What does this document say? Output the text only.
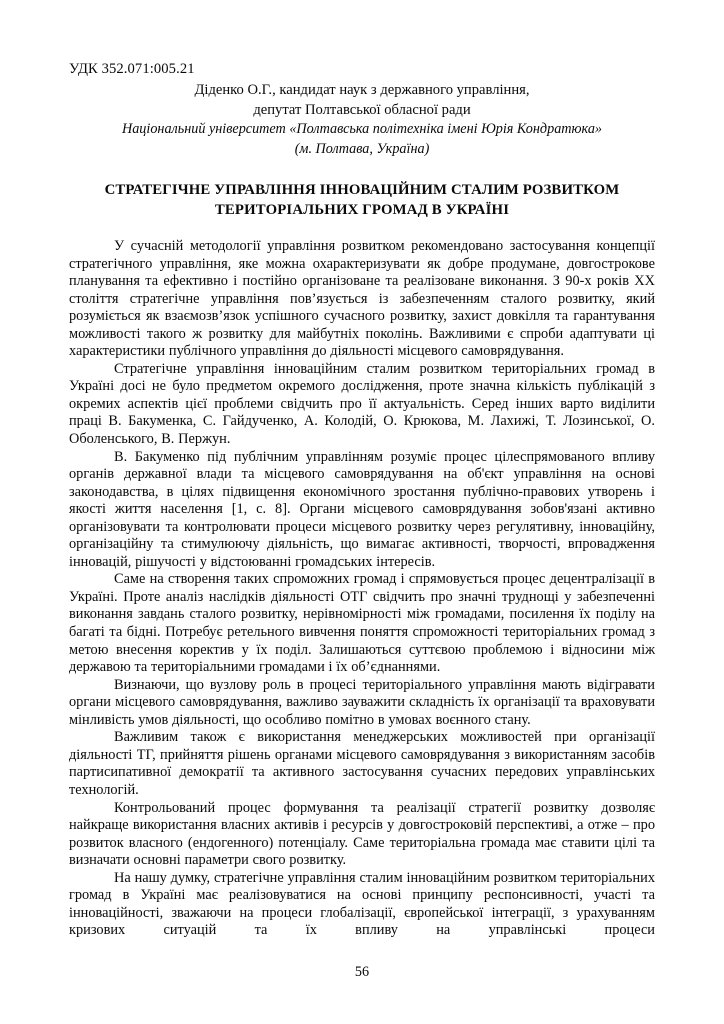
УДК 352.071:005.21
Діденко О.Г., кандидат наук з державного управління,
депутат Полтавської обласної ради
Національний університет «Полтавська політехніка імені Юрія Кондратюка»
(м. Полтава, Україна)
СТРАТЕГІЧНЕ УПРАВЛІННЯ ІННОВАЦІЙНИМ СТАЛИМ РОЗВИТКОМ
ТЕРИТОРІАЛЬНИХ ГРОМАД В УКРАЇНІ

У сучасній методології управління розвитком рекомендовано застосування концепції стратегічного управління, яке можна охарактеризувати як добре продумане, довгострокове планування та ефективно і постійно організоване та реалізоване виконання. З 90-х років ХХ століття стратегічне управління пов’язується із забезпеченням сталого розвитку, який розуміється як взаємозв’язок успішного сучасного розвитку, захист довкілля та гарантування можливості такого ж розвитку для майбутніх поколінь. Важливими є спроби адаптувати ці характеристики публічного управління до діяльності місцевого самоврядування.

Стратегічне управління інноваційним сталим розвитком територіальних громад в Україні досі не було предметом окремого дослідження, проте значна кількість публікацій з окремих аспектів цієї проблеми свідчить про її актуальність. Серед інших варто виділити праці В. Бакуменка, С. Гайдученко, А. Колодій, О. Крюкова, М. Лахижі, Т. Лозинської, О. Оболенського, В. Пержун.

В. Бакуменко під публічним управлінням розуміє процес цілеспрямованого впливу органів державної влади та місцевого самоврядування на об'єкт управління на основі законодавства, в цілях підвищення економічного зростання публічно-правових утворень і якості життя населення [1, с. 8]. Органи місцевого самоврядування зобов'язані активно організовувати та контролювати процеси місцевого розвитку через регулятивну, інноваційну, організаційну та стимулюючу діяльність, що вимагає активності, творчості, впровадження інновацій, рішучості у відстоюванні громадських інтересів.

Саме на створення таких спроможних громад і спрямовується процес децентралізації в Україні. Проте аналіз наслідків діяльності ОТГ свідчить про значні труднощі у забезпеченні виконання завдань сталого розвитку, нерівномірності між громадами, посилення їх поділу на багаті та бідні. Потребує ретельного вивчення поняття спроможності територіальних громад з метою внесення коректив у їх поділ. Залишаються суттєвою проблемою і відносини між державою та територіальними громадами і їх об’єднаннями.

Визнаючи, що вузлову роль в процесі територіального управління мають відігравати органи місцевого самоврядування, важливо зауважити складність їх організації та враховувати мінливість умов діяльності, що особливо помітно в умовах воєнного стану.

Важливим також є використання менеджерських можливостей при організації діяльності ТГ, прийняття рішень органами місцевого самоврядування з використанням засобів партисипативної демократії та активного застосування сучасних передових управлінських технологій.

Контрольований процес формування та реалізації стратегії розвитку дозволяє найкраще використання власних активів і ресурсів у довгостроковій перспективі, а отже – про розвиток власного (ендогенного) потенціалу. Саме територіальна громада має ставити цілі та визначати основні параметри свого розвитку.

На нашу думку, стратегічне управління сталим інноваційним розвитком територіальних громад в Україні має реалізовуватися на основі принципу респонсивності, участі та інноваційності, зважаючи на процеси глобалізації, європейської інтеграції, з урахуванням кризових ситуацій та їх впливу на управлінські процеси

56
